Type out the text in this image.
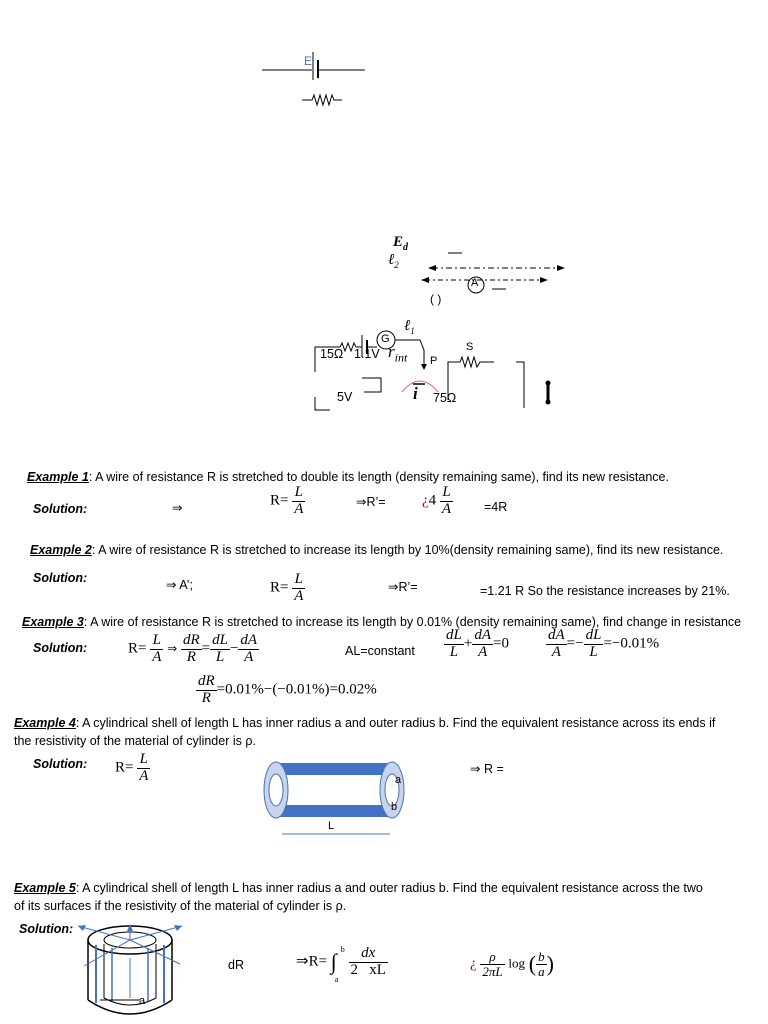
E
$E_d$
ℓ$_2$
A
( )
ℓ$_1$
G
15Ω 1.1V $r_{int}$ P
S
5V	i 75Ω
Example 1: A wire of resistance R is stretched to double its length (density remaining same), find its new resistance.
Solution:	⇒	$R= \frac{L}{A}$	⇒R’= ¿$4 \frac{L}{A} =4R$
Example 2: A wire of resistance R is stretched to increase its length by 10%(density remaining same), find its new resistance.
Solution:	⇒ A’;	$R= \frac{L}{A}$	⇒R’=	=1.21 R So the resistance increases by 21%.
Example 3: A wire of resistance R is stretched to increase its length by 0.01% (density remaining same), find change in resistance
Solution:	$R= \frac{L}{A}$ ⇒ $\frac{dR}{R} = \frac{dL}{L} - \frac{dA}{A}$	AL=constant $\frac{dL}{L} + \frac{dA}{A} =0 \frac{dA}{A} =- \frac{dL}{L} =-0.01\%$
$\frac{dR}{R} =0.01\%-(-0.01\%)=0.02\%$
Example 4: A cylindrical shell of length L has inner radius a and outer radius b. Find the equivalent resistance across its ends if
the resistivity of the material of cylinder is ρ.
Solution: $R= \frac{L}{A}$	⇒ R =
a
b
L
Example 5: A cylindrical shell of length L has inner radius a and outer radius b. Find the equivalent resistance across the two
of its surfaces if the resistivity of the material of cylinder is ρ.
Solution:
a
dR	⇒R= ∫ b
a

$\frac{dx}{2 xL}$	¿ $\frac{\rho}{2\pi L}$ log ( $\frac{b}{a}$ )
